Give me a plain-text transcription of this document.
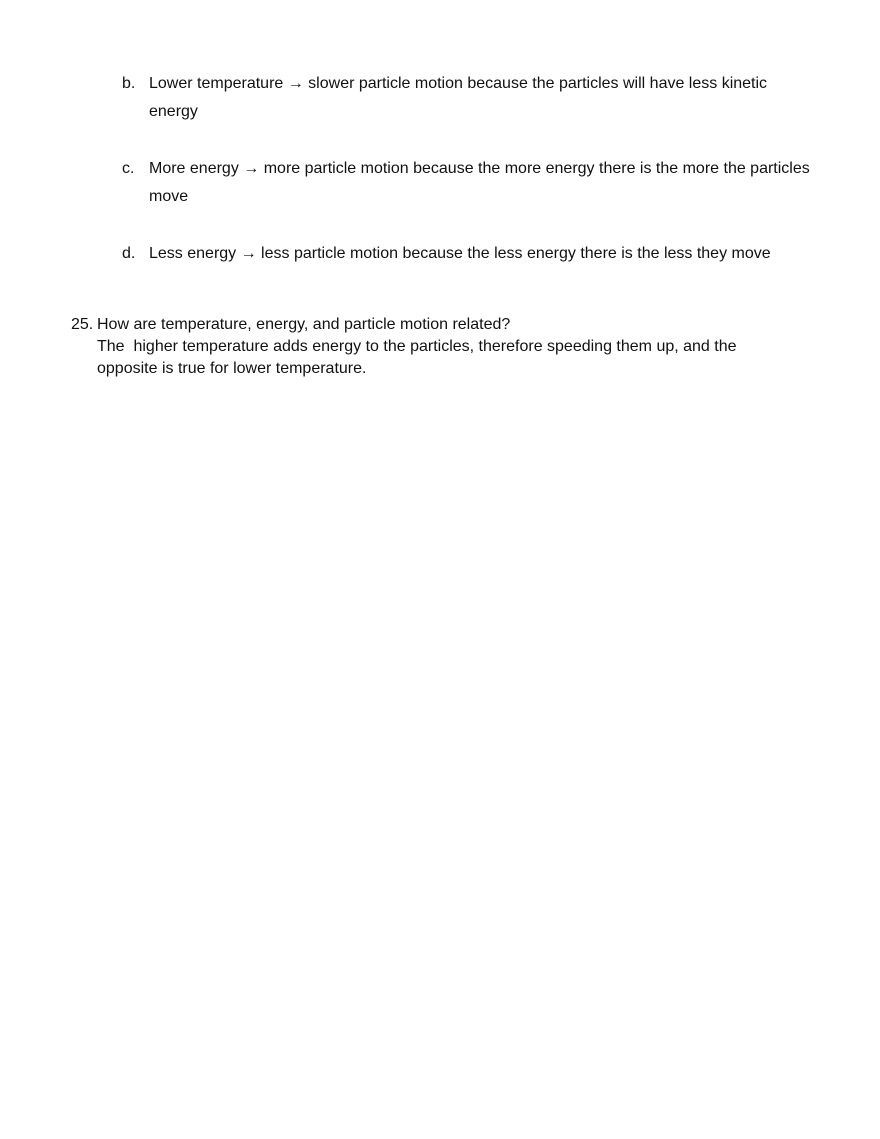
b. Lower temperature → slower particle motion because the particles will have less kinetic energy
c. More energy → more particle motion because the more energy there is the more the particles move
d. Less energy → less particle motion because the less energy there is the less they move
25. How are temperature, energy, and particle motion related?
The  higher temperature adds energy to the particles, therefore speeding them up, and the opposite is true for lower temperature.
